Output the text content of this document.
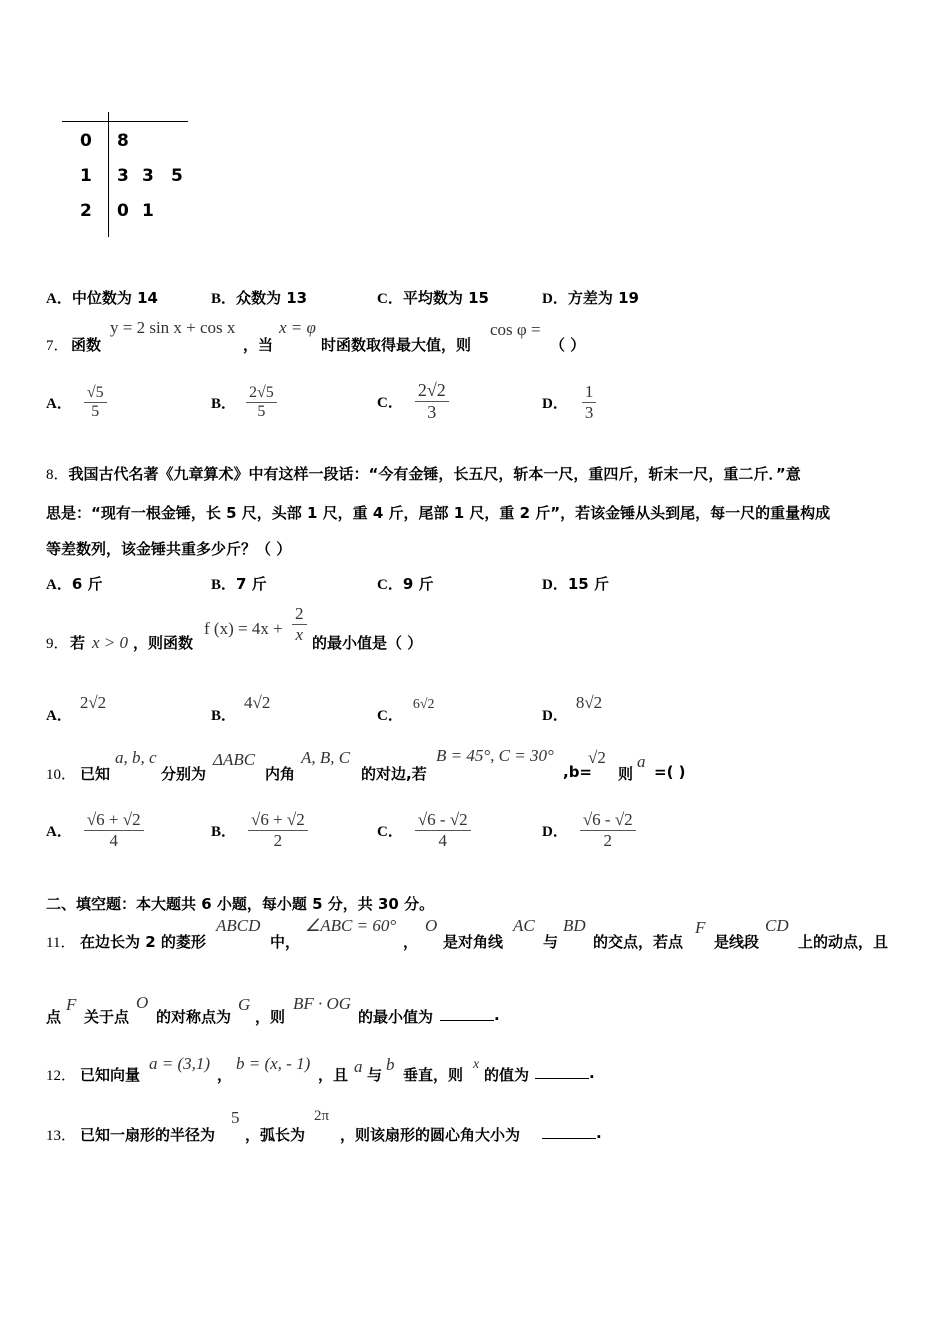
0 8
1 3 3 5
2 0 1
A．中位数为 14	B．众数为 13	C．平均数为 15	D．方差为 19
7． 函数
y = 2 sin x + cos x
，当
x = φ
时函数取得最大值，则
cos φ =
（ ）
A． $\frac{√5}{5}$	B． $\frac{2√5}{5}$	C． $\frac{2√2}{3}$	D． $\frac{1}{3}$
8．我国古代名著《九章算术》中有这样一段话：“今有金锤，长五尺，斩本一尺，重四斤，斩末一尺，重二斤．”意
思是：“现有一根金锤，长 5 尺，头部 1 尺，重 4 斤，尾部 1 尺，重 2 斤”，若该金锤从头到尾，每一尺的重量构成
等差数列，该金锤共重多少斤？（ ）
A．6 斤	B．7 斤	C．9 斤	D．15 斤
9． 若 x > 0 ，则函数
f $(x) = 4x + \frac{2}{x}$ 的最小值是（ ）
A．2√2
B．4√2
C．6√2
D．8√2
10． 已知
a, b, c
分别为
ΔABC
内角
A, B, C
的对边,若
B = 45°, C = 30°
,b=
√2
则
a
=( )
A． $\frac{√6 + √2}{4}$	B． $\frac{√6 + √2}{2}$	C． $\frac{√6 - √2}{4}$	D． $\frac{√6 - √2}{2}$
二、填空题：本大题共 6 小题，每小题 5 分，共 30 分。
11． 在边长为 2 的菱形
ABCD
中，
∠ABC = 60°
，
O
是对角线
AC
与
BD
的交点，若点
F
是线段
CD
上的动点，且
点
F
关于点
O
的对称点为
G
，则
BF · OG
的最小值为	.
12． 已知向量
a = (3,1)
，
b = (x, - 1)
，且 a 与
b
垂直，则
x
的值为	.
13． 已知一扇形的半径为
5
，弧长为
2π
，则该扇形的圆心角大小为	.
